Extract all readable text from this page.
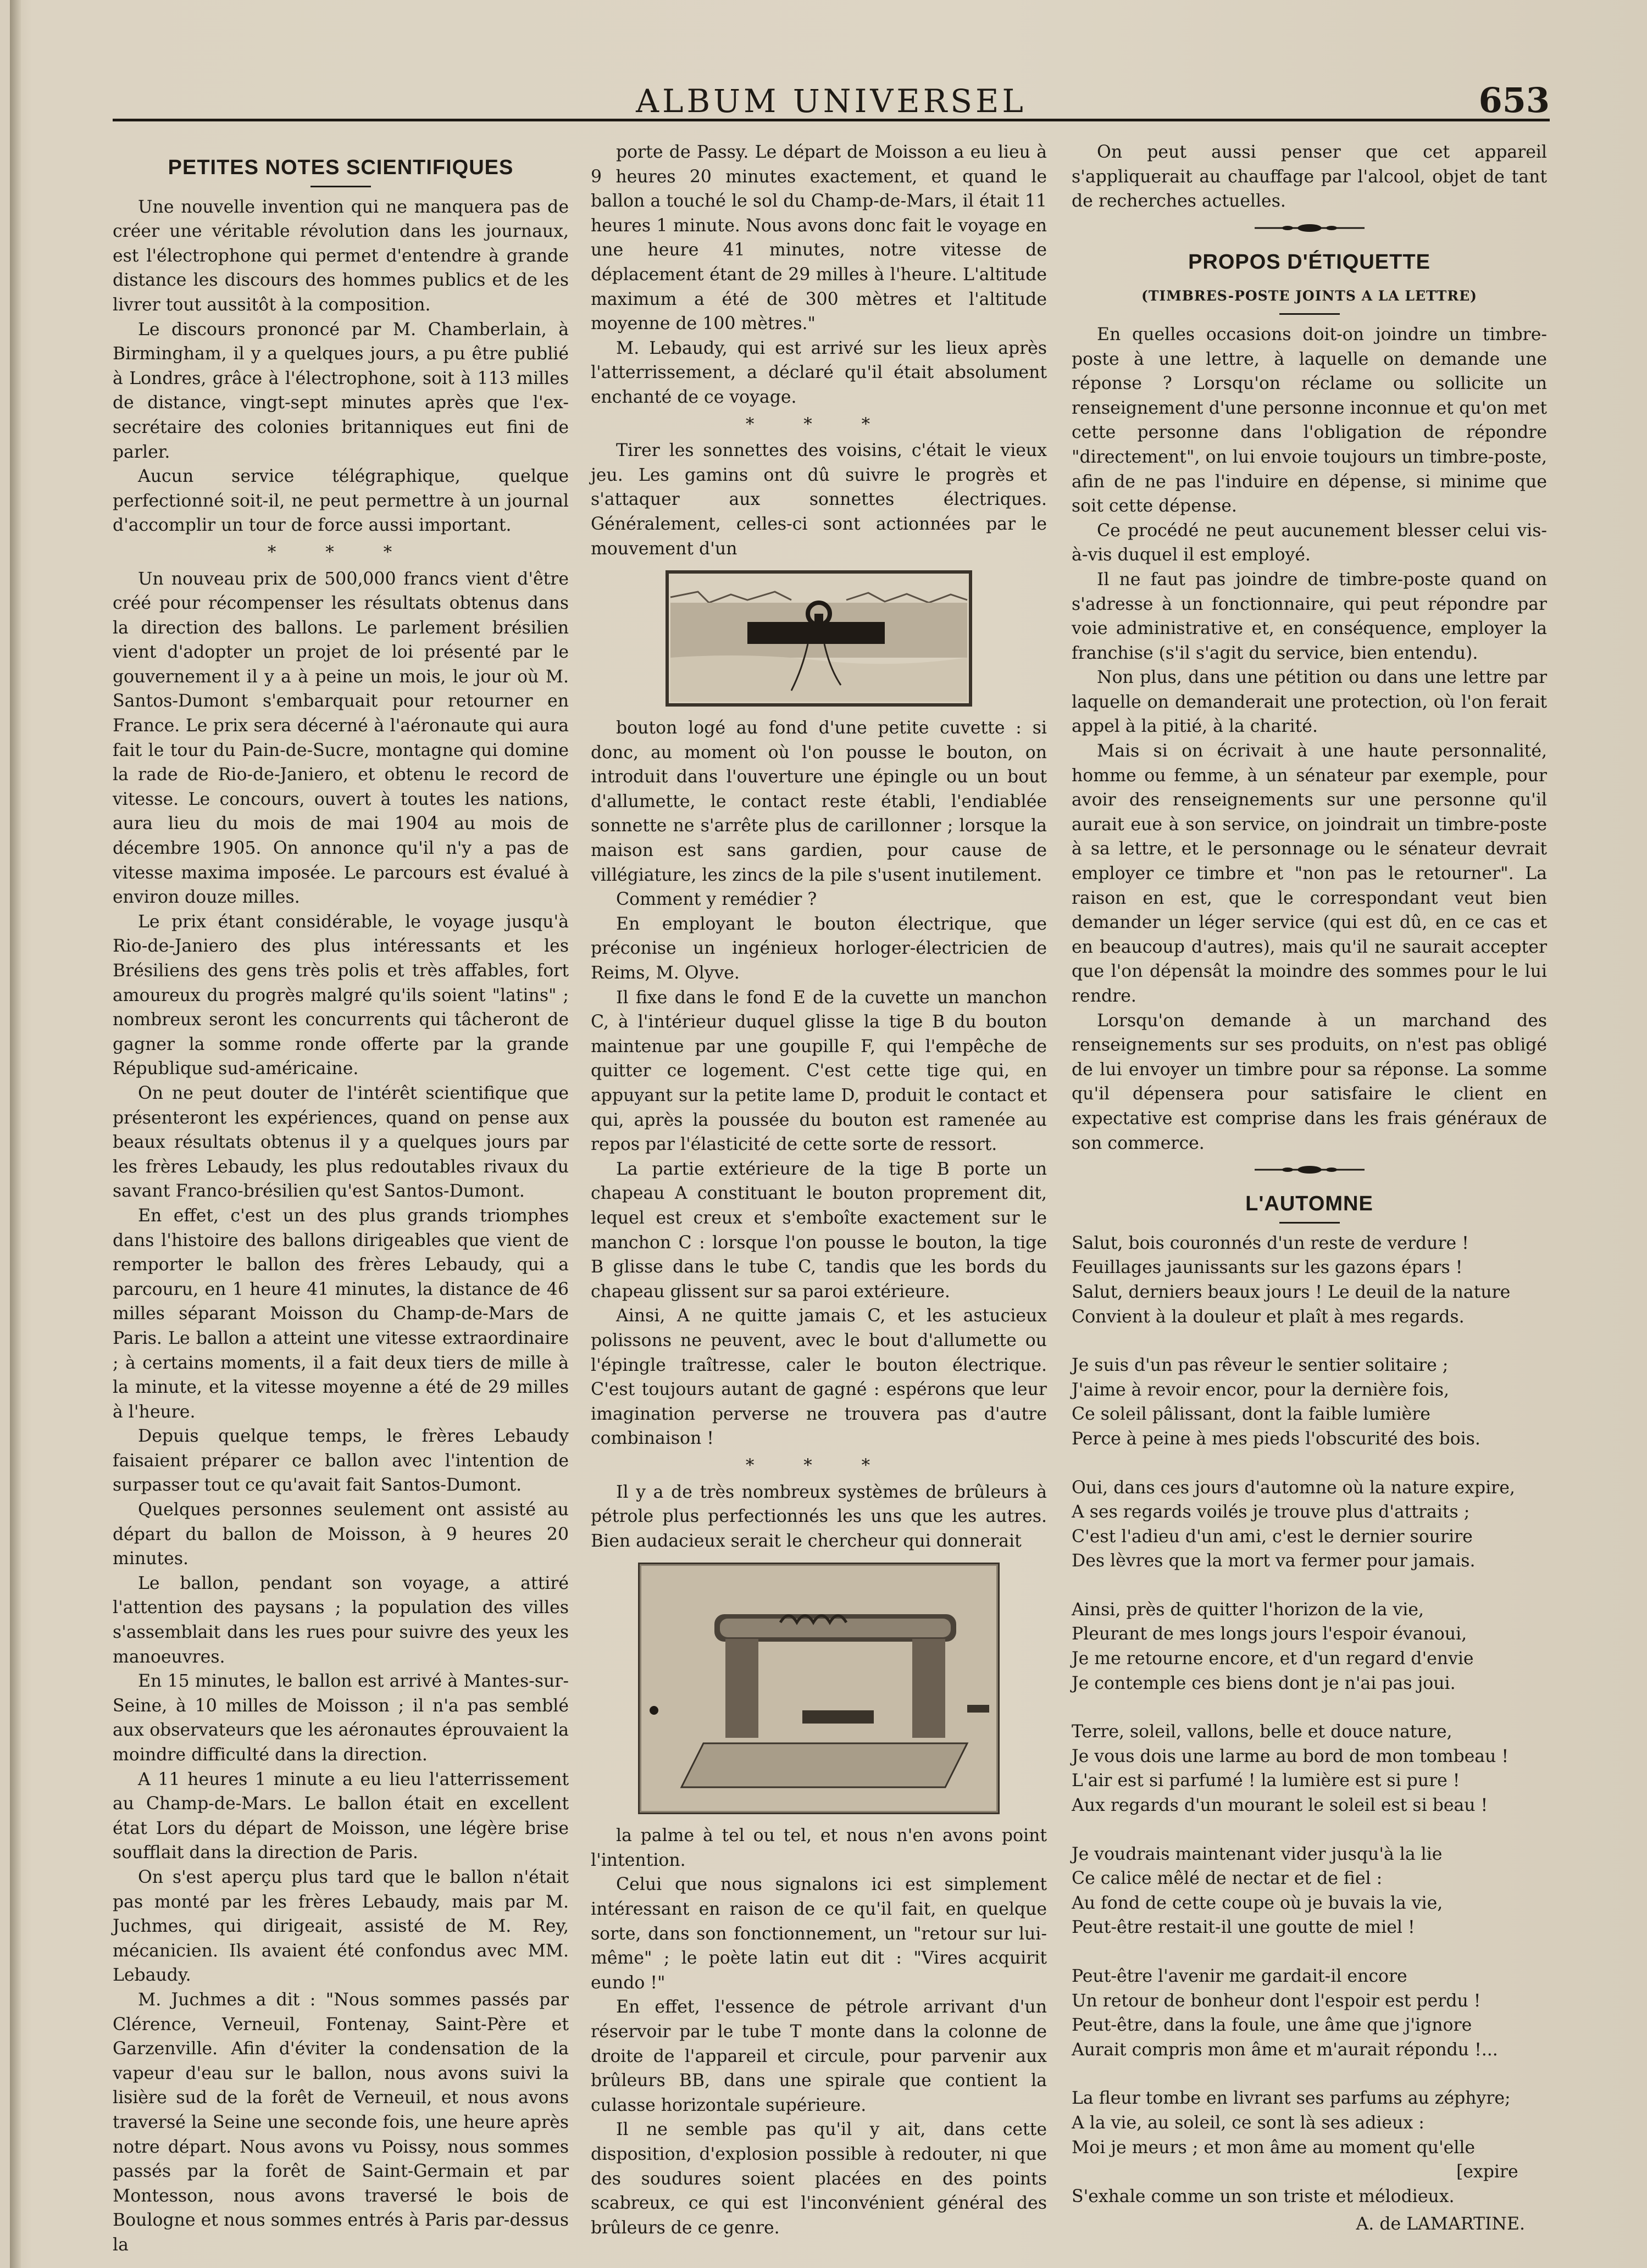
ALBUM UNIVERSEL	653
PETITES NOTES SCIENTIFIQUES

Une nouvelle invention qui ne manquera pas de créer une véritable révolution dans les journaux, est l'électrophone qui permet d'entendre à grande distance les discours des hommes publics et de les livrer tout aussitôt à la composition.

Le discours prononcé par M. Chamberlain, à Birmingham, il y a quelques jours, a pu être publié à Londres, grâce à l'électrophone, soit à 113 milles de distance, vingt-sept minutes après que l'ex-secrétaire des colonies britanniques eut fini de parler.

Aucun service télégraphique, quelque perfectionné soit-il, ne peut permettre à un journal d'accomplir un tour de force aussi important.

* * *

Un nouveau prix de 500,000 francs vient d'être créé pour récompenser les résultats obtenus dans la direction des ballons. Le parlement brésilien vient d'adopter un projet de loi présenté par le gouvernement il y a à peine un mois, le jour où M. Santos-Dumont s'embarquait pour retourner en France. Le prix sera décerné à l'aéronaute qui aura fait le tour du Pain-de-Sucre, montagne qui domine la rade de Rio-de-Janiero, et obtenu le record de vitesse. Le concours, ouvert à toutes les nations, aura lieu du mois de mai 1904 au mois de décembre 1905. On annonce qu'il n'y a pas de vitesse maxima imposée. Le parcours est évalué à environ douze milles.

Le prix étant considérable, le voyage jusqu'à Rio-de-Janiero des plus intéressants et les Brésiliens des gens très polis et très affables, fort amoureux du progrès malgré qu'ils soient "latins" ; nombreux seront les concurrents qui tâcheront de gagner la somme ronde offerte par la grande République sud-américaine.

On ne peut douter de l'intérêt scientifique que présenteront les expériences, quand on pense aux beaux résultats obtenus il y a quelques jours par les frères Lebaudy, les plus redoutables rivaux du savant Franco-brésilien qu'est Santos-Dumont.

En effet, c'est un des plus grands triomphes dans l'histoire des ballons dirigeables que vient de remporter le ballon des frères Lebaudy, qui a parcouru, en 1 heure 41 minutes, la distance de 46 milles séparant Moisson du Champ-de-Mars de Paris. Le ballon a atteint une vitesse extraordinaire ; à certains moments, il a fait deux tiers de mille à la minute, et la vitesse moyenne a été de 29 milles à l'heure.

Depuis quelque temps, le frères Lebaudy faisaient préparer ce ballon avec l'intention de surpasser tout ce qu'avait fait Santos-Dumont.

Quelques personnes seulement ont assisté au départ du ballon de Moisson, à 9 heures 20 minutes.

Le ballon, pendant son voyage, a attiré l'attention des paysans ; la population des villes s'assemblait dans les rues pour suivre des yeux les manoeuvres.

En 15 minutes, le ballon est arrivé à Mantes-sur-Seine, à 10 milles de Moisson ; il n'a pas semblé aux observateurs que les aéronautes éprouvaient la moindre difficulté dans la direction.

A 11 heures 1 minute a eu lieu l'atterrissement au Champ-de-Mars. Le ballon était en excellent état Lors du départ de Moisson, une légère brise soufflait dans la direction de Paris.

On s'est aperçu plus tard que le ballon n'était pas monté par les frères Lebaudy, mais par M. Juchmes, qui dirigeait, assisté de M. Rey, mécanicien. Ils avaient été confondus avec MM. Lebaudy.

M. Juchmes a dit : "Nous sommes passés par Clérence, Verneuil, Fontenay, Saint-Père et Garzenville. Afin d'éviter la condensation de la vapeur d'eau sur le ballon, nous avons suivi la lisière sud de la forêt de Verneuil, et nous avons traversé la Seine une seconde fois, une heure après notre départ. Nous avons vu Poissy, nous sommes passés par la forêt de Saint-Germain et par Montesson, nous avons traversé le bois de Boulogne et nous sommes entrés à Paris par-dessus la

porte de Passy. Le départ de Moisson a eu lieu à 9 heures 20 minutes exactement, et quand le ballon a touché le sol du Champ-de-Mars, il était 11 heures 1 minute. Nous avons donc fait le voyage en une heure 41 minutes, notre vitesse de déplacement étant de 29 milles à l'heure. L'altitude maximum a été de 300 mètres et l'altitude moyenne de 100 mètres."

M. Lebaudy, qui est arrivé sur les lieux après l'atterrissement, a déclaré qu'il était absolument enchanté de ce voyage.

* * *

Tirer les sonnettes des voisins, c'était le vieux jeu. Les gamins ont dû suivre le progrès et s'attaquer aux sonnettes électriques. Généralement, celles-ci sont actionnées par le mouvement d'un

bouton logé au fond d'une petite cuvette : si donc, au moment où l'on pousse le bouton, on introduit dans l'ouverture une épingle ou un bout d'allumette, le contact reste établi, l'endiablée sonnette ne s'arrête plus de carillonner ; lorsque la maison est sans gardien, pour cause de villégiature, les zincs de la pile s'usent inutilement.

Comment y remédier ?

En employant le bouton électrique, que préconise un ingénieux horloger-électricien de Reims, M. Olyve.

Il fixe dans le fond E de la cuvette un manchon C, à l'intérieur duquel glisse la tige B du bouton maintenue par une goupille F, qui l'empêche de quitter ce logement. C'est cette tige qui, en appuyant sur la petite lame D, produit le contact et qui, après la poussée du bouton est ramenée au repos par l'élasticité de cette sorte de ressort.

La partie extérieure de la tige B porte un chapeau A constituant le bouton proprement dit, lequel est creux et s'emboîte exactement sur le manchon C : lorsque l'on pousse le bouton, la tige B glisse dans le tube C, tandis que les bords du chapeau glissent sur sa paroi extérieure.

Ainsi, A ne quitte jamais C, et les astucieux polissons ne peuvent, avec le bout d'allumette ou l'épingle traîtresse, caler le bouton électrique. C'est toujours autant de gagné : espérons que leur imagination perverse ne trouvera pas d'autre combinaison !

* * *

Il y a de très nombreux systèmes de brûleurs à pétrole plus perfectionnés les uns que les autres. Bien audacieux serait le chercheur qui donnerait

la palme à tel ou tel, et nous n'en avons point l'intention.

Celui que nous signalons ici est simplement intéressant en raison de ce qu'il fait, en quelque sorte, dans son fonctionnement, un "retour sur lui-même" ; le poète latin eut dit : "Vires acquirit eundo !"

En effet, l'essence de pétrole arrivant d'un réservoir par le tube T monte dans la colonne de droite de l'appareil et circule, pour parvenir aux brûleurs BB, dans une spirale que contient la culasse horizontale supérieure.

Il ne semble pas qu'il y ait, dans cette disposition, d'explosion possible à redouter, ni que des soudures soient placées en des points scabreux, ce qui est l'inconvénient général des brûleurs de ce genre.

On peut aussi penser que cet appareil s'appliquerait au chauffage par l'alcool, objet de tant de recherches actuelles.

PROPOS D'ÉTIQUETTE
(TIMBRES-POSTE JOINTS A LA LETTRE)

En quelles occasions doit-on joindre un timbre-poste à une lettre, à laquelle on demande une réponse ? Lorsqu'on réclame ou sollicite un renseignement d'une personne inconnue et qu'on met cette personne dans l'obligation de répondre "directement", on lui envoie toujours un timbre-poste, afin de ne pas l'induire en dépense, si minime que soit cette dépense.

Ce procédé ne peut aucunement blesser celui vis-à-vis duquel il est employé.

Il ne faut pas joindre de timbre-poste quand on s'adresse à un fonctionnaire, qui peut répondre par voie administrative et, en conséquence, employer la franchise (s'il s'agit du service, bien entendu).

Non plus, dans une pétition ou dans une lettre par laquelle on demanderait une protection, où l'on ferait appel à la pitié, à la charité.

Mais si on écrivait à une haute personnalité, homme ou femme, à un sénateur par exemple, pour avoir des renseignements sur une personne qu'il aurait eue à son service, on joindrait un timbre-poste à sa lettre, et le personnage ou le sénateur devrait employer ce timbre et "non pas le retourner". La raison en est, que le correspondant veut bien demander un léger service (qui est dû, en ce cas et en beaucoup d'autres), mais qu'il ne saurait accepter que l'on dépensât la moindre des sommes pour le lui rendre.

Lorsqu'on demande à un marchand des renseignements sur ses produits, on n'est pas obligé de lui envoyer un timbre pour sa réponse. La somme qu'il dépensera pour satisfaire le client en expectative est comprise dans les frais généraux de son commerce.

L'AUTOMNE

Salut, bois couronnés d'un reste de verdure !

Feuillages jaunissants sur les gazons épars !

Salut, derniers beaux jours ! Le deuil de la nature

Convient à la douleur et plaît à mes regards.

Je suis d'un pas rêveur le sentier solitaire ;

J'aime à revoir encor, pour la dernière fois,

Ce soleil pâlissant, dont la faible lumière

Perce à peine à mes pieds l'obscurité des bois.

Oui, dans ces jours d'automne où la nature expire,

A ses regards voilés je trouve plus d'attraits ;

C'est l'adieu d'un ami, c'est le dernier sourire

Des lèvres que la mort va fermer pour jamais.

Ainsi, près de quitter l'horizon de la vie,

Pleurant de mes longs jours l'espoir évanoui,

Je me retourne encore, et d'un regard d'envie

Je contemple ces biens dont je n'ai pas joui.

Terre, soleil, vallons, belle et douce nature,

Je vous dois une larme au bord de mon tombeau !

L'air est si parfumé ! la lumière est si pure !

Aux regards d'un mourant le soleil est si beau !

Je voudrais maintenant vider jusqu'à la lie

Ce calice mêlé de nectar et de fiel :

Au fond de cette coupe où je buvais la vie,

Peut-être restait-il une goutte de miel !

Peut-être l'avenir me gardait-il encore

Un retour de bonheur dont l'espoir est perdu !

Peut-être, dans la foule, une âme que j'ignore

Aurait compris mon âme et m'aurait répondu !...

La fleur tombe en livrant ses parfums au zéphyre;

A la vie, au soleil, ce sont là ses adieux :

Moi je meurs ; et mon âme au moment qu'elle

[expire

S'exhale comme un son triste et mélodieux.

A. de LAMARTINE.
